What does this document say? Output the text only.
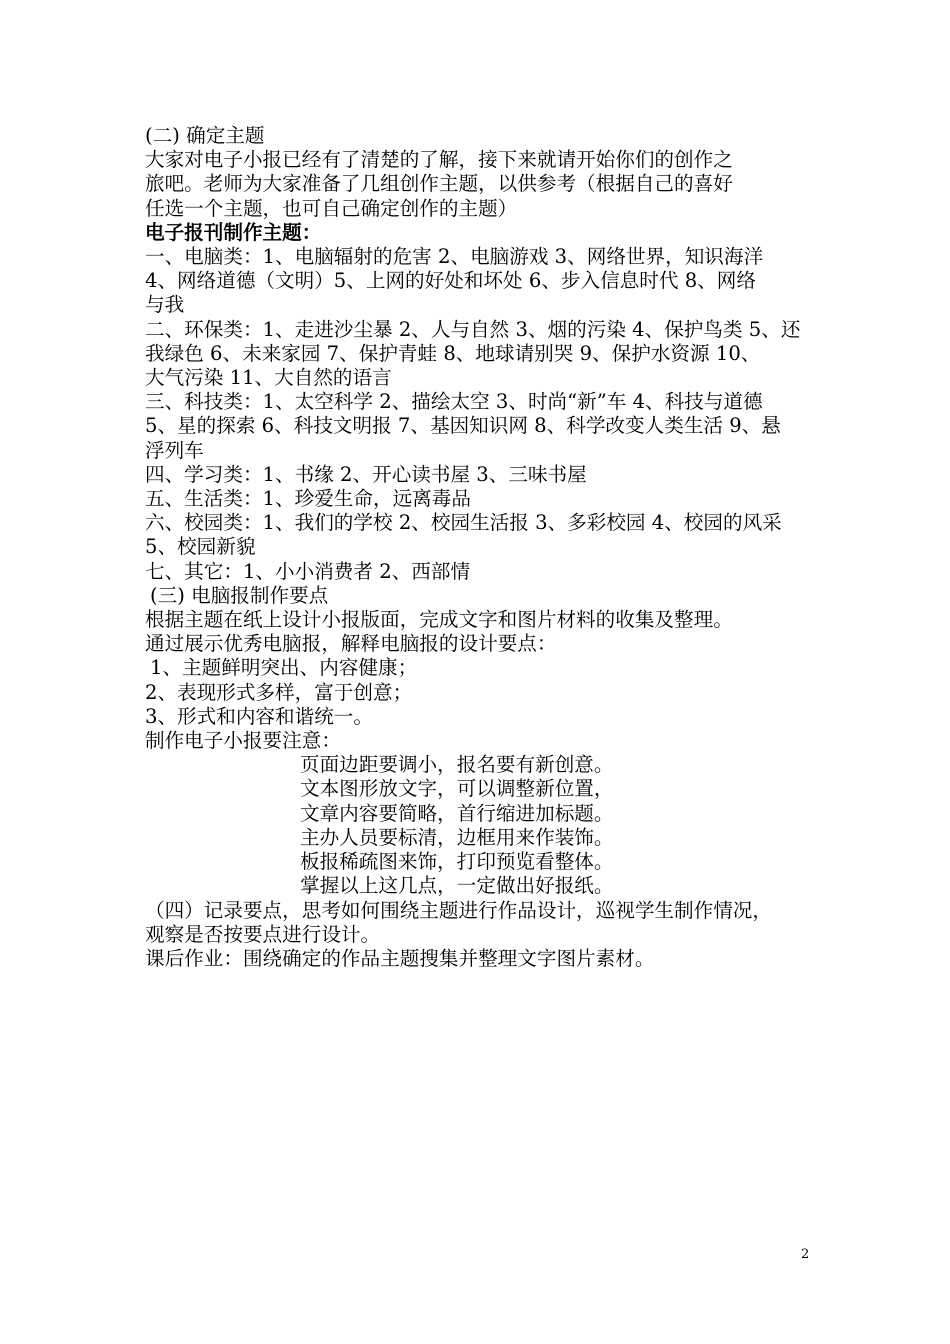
(二) 确定主题
大家对电子小报已经有了清楚的了解，接下来就请开始你们的创作之
旅吧。老师为大家准备了几组创作主题，以供参考（根据自己的喜好
任选一个主题，也可自己确定创作的主题）
电子报刊制作主题：
一、电脑类：1、电脑辐射的危害 2、电脑游戏 3、网络世界，知识海洋
4、网络道德（文明）5、上网的好处和坏处 6、步入信息时代 8、网络
与我
二、环保类：1、走进沙尘暴 2、人与自然 3、烟的污染 4、保护鸟类 5、还
我绿色 6、未来家园 7、保护青蛙 8、地球请别哭 9、保护水资源 10、
大气污染 11、大自然的语言
三、科技类：1、太空科学 2、描绘太空 3、时尚“新”车 4、科技与道德
5、星的探索 6、科技文明报 7、基因知识网 8、科学改变人类生活 9、悬
浮列车
四、学习类：1、书缘 2、开心读书屋 3、三味书屋
五、生活类：1、珍爱生命，远离毒品
六、校园类：1、我们的学校 2、校园生活报 3、多彩校园 4、校园的风采
5、校园新貌
七、其它：1、小小消费者 2、西部情
(三) 电脑报制作要点
根据主题在纸上设计小报版面，完成文字和图片材料的收集及整理。
通过展示优秀电脑报，解释电脑报的设计要点：
1、主题鲜明突出、内容健康；
2、表现形式多样，富于创意；
3、形式和内容和谐统一。
制作电子小报要注意：
页面边距要调小，报名要有新创意。
文本图形放文字，可以调整新位置，
文章内容要简略，首行缩进加标题。
主办人员要标清，边框用来作装饰。
板报稀疏图来饰，打印预览看整体。
掌握以上这几点，一定做出好报纸。
（四）记录要点，思考如何围绕主题进行作品设计，巡视学生制作情况，
观察是否按要点进行设计。
课后作业：围绕确定的作品主题搜集并整理文字图片素材。
2
